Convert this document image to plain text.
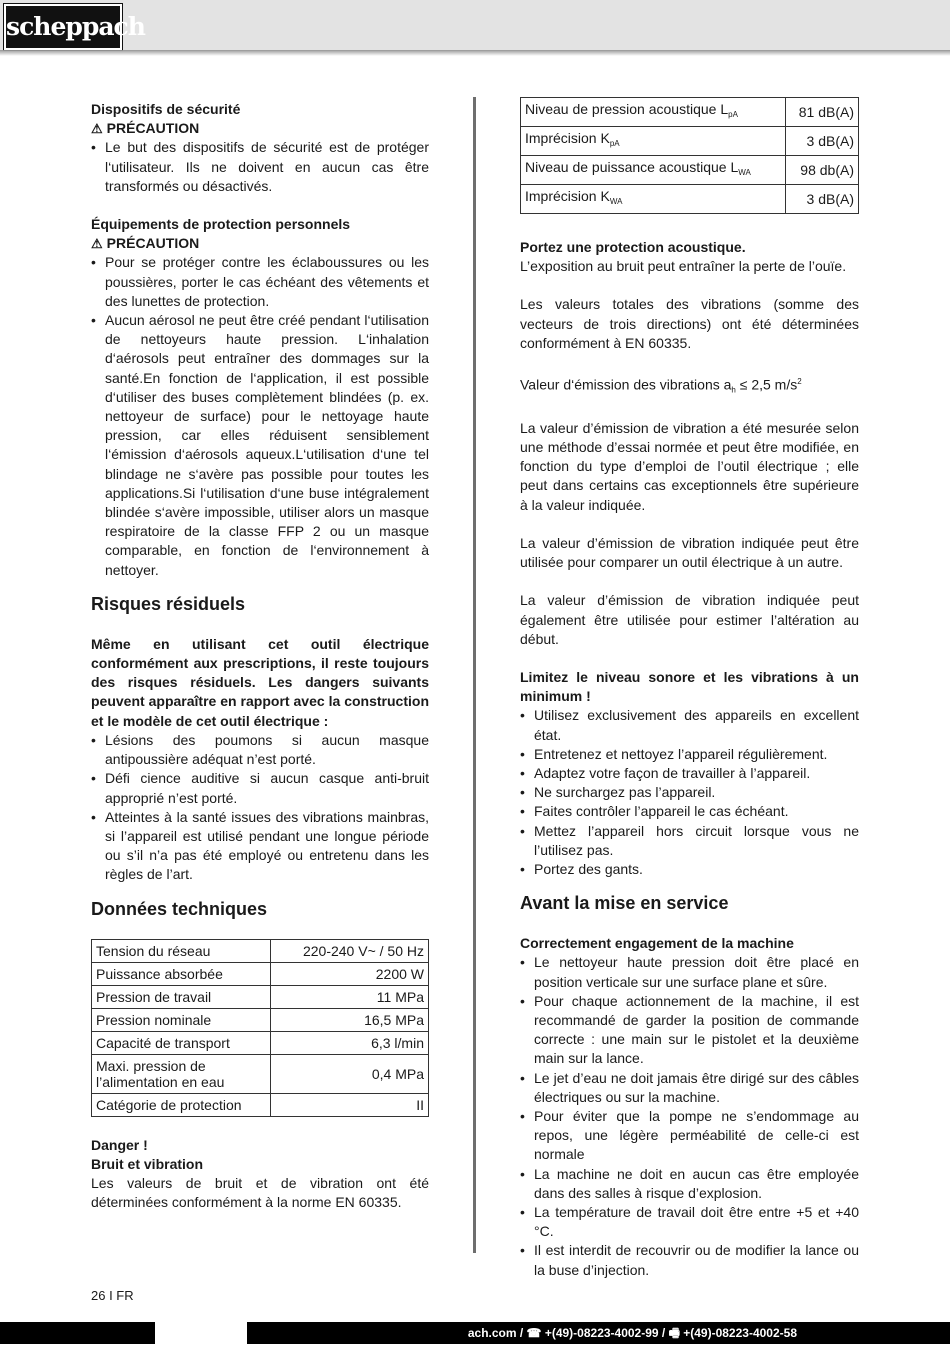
scheppach
Dispositifs de sécurité
⚠ PRÉCAUTION
• Le but des dispositifs de sécurité est de protéger l‘utilisateur. Ils ne doivent en aucun cas être transformés ou désactivés.
Équipements de protection personnels
⚠ PRÉCAUTION
• Pour se protéger contre les éclaboussures ou les poussières, porter le cas échéant des vêtements et des lunettes de protection.
• Aucun aérosol ne peut être créé pendant l‘utilisation de nettoyeurs haute pression. L‘inhalation d‘aérosols peut entraîner des dommages sur la santé.En fonction de l‘application, il est possible d‘utiliser des buses complètement blindées (p. ex. nettoyeur de surface) pour le nettoyage haute pression, car elles réduisent sensiblement l‘émission d‘aérosols aqueux.L‘utilisation d‘une tel blindage ne s‘avère pas possible pour toutes les applications.Si l‘utilisation d‘une buse intégralement blindée s‘avère impossible, utiliser alors un masque respiratoire de la classe FFP 2 ou un masque comparable, en fonction de l‘environnement à nettoyer.
Risques résiduels

Même en utilisant cet outil électrique conformément aux prescriptions, il reste toujours des risques résiduels. Les dangers suivants peuvent apparaître en rapport avec la construction et le modèle de cet outil électrique :

• Lésions des poumons si aucun masque antipoussière adéquat n’est porté.
• Défi cience auditive si aucun casque anti-bruit approprié n’est porté.
• Atteintes à la santé issues des vibrations mainbras, si l’appareil est utilisé pendant une longue période ou s’il n’a pas été employé ou entretenu dans les règles de l’art.
Données techniques
Tension du réseau	220-240 V~ / 50 Hz
Puissance absorbée	2200 W
Pression de travail	11 MPa
Pression nominale	16,5 MPa
Capacité de transport	6,3 l/min
Maxi. pression de l’alimentation en eau	0,4 MPa
Catégorie de protection	II
Danger !
Bruit et vibration

Les valeurs de bruit et de vibration ont été déterminées conformément à la norme EN 60335.

Niveau de pression acoustique $L_{pA}$	81 dB(A)
Imprécision $K_{pA}$	3 dB(A)
Niveau de puissance acoustique $L_{WA}$	98 db(A)
Imprécision $K_{WA}$	3 dB(A)
Portez une protection acoustique.

L’exposition au bruit peut entraîner la perte de l’ouïe.

Les valeurs totales des vibrations (somme des vecteurs de trois directions) ont été déterminées conformément à EN 60335.

Valeur d‘émission des vibrations $a_h \le 2,5$ $m/s^2$

La valeur d’émission de vibration a été mesurée selon une méthode d’essai normée et peut être modifiée, en fonction du type d’emploi de l’outil électrique ; elle peut dans certains cas exceptionnels être supérieure à la valeur indiquée.

La valeur d’émission de vibration indiquée peut être utilisée pour comparer un outil électrique à un autre.

La valeur d’émission de vibration indiquée peut également être utilisée pour estimer l’altération au début.

Limitez le niveau sonore et les vibrations à un minimum !

• Utilisez exclusivement des appareils en excellent état.
• Entretenez et nettoyez l’appareil régulièrement.
• Adaptez votre façon de travailler à l’appareil.
• Ne surchargez pas l’appareil.
• Faites contrôler l’appareil le cas échéant.
• Mettez l’appareil hors circuit lorsque vous ne l’utilisez pas.
• Portez des gants.
Avant la mise en service
Correctement engagement de la machine
• Le nettoyeur haute pression doit être placé en position verticale sur une surface plane et sûre.
• Pour chaque actionnement de la machine, il est recommandé de garder la position de commande correcte : une main sur le pistolet et la deuxième main sur la lance.
• Le jet d’eau ne doit jamais être dirigé sur des câbles électriques ou sur la machine.
• Pour éviter que la pompe ne s’endommage au repos, une légère perméabilité de celle-ci est normale
• La machine ne doit en aucun cas être employée dans des salles à risque d’explosion.
• La température de travail doit être entre +5 et +40 °C.
• Il est interdit de recouvrir ou de modifier la lance ou la buse d’injection.
26 I FR
ach.com / ☎ +(49)-08223-4002-99 / 🖷 +(49)-08223-4002-58
